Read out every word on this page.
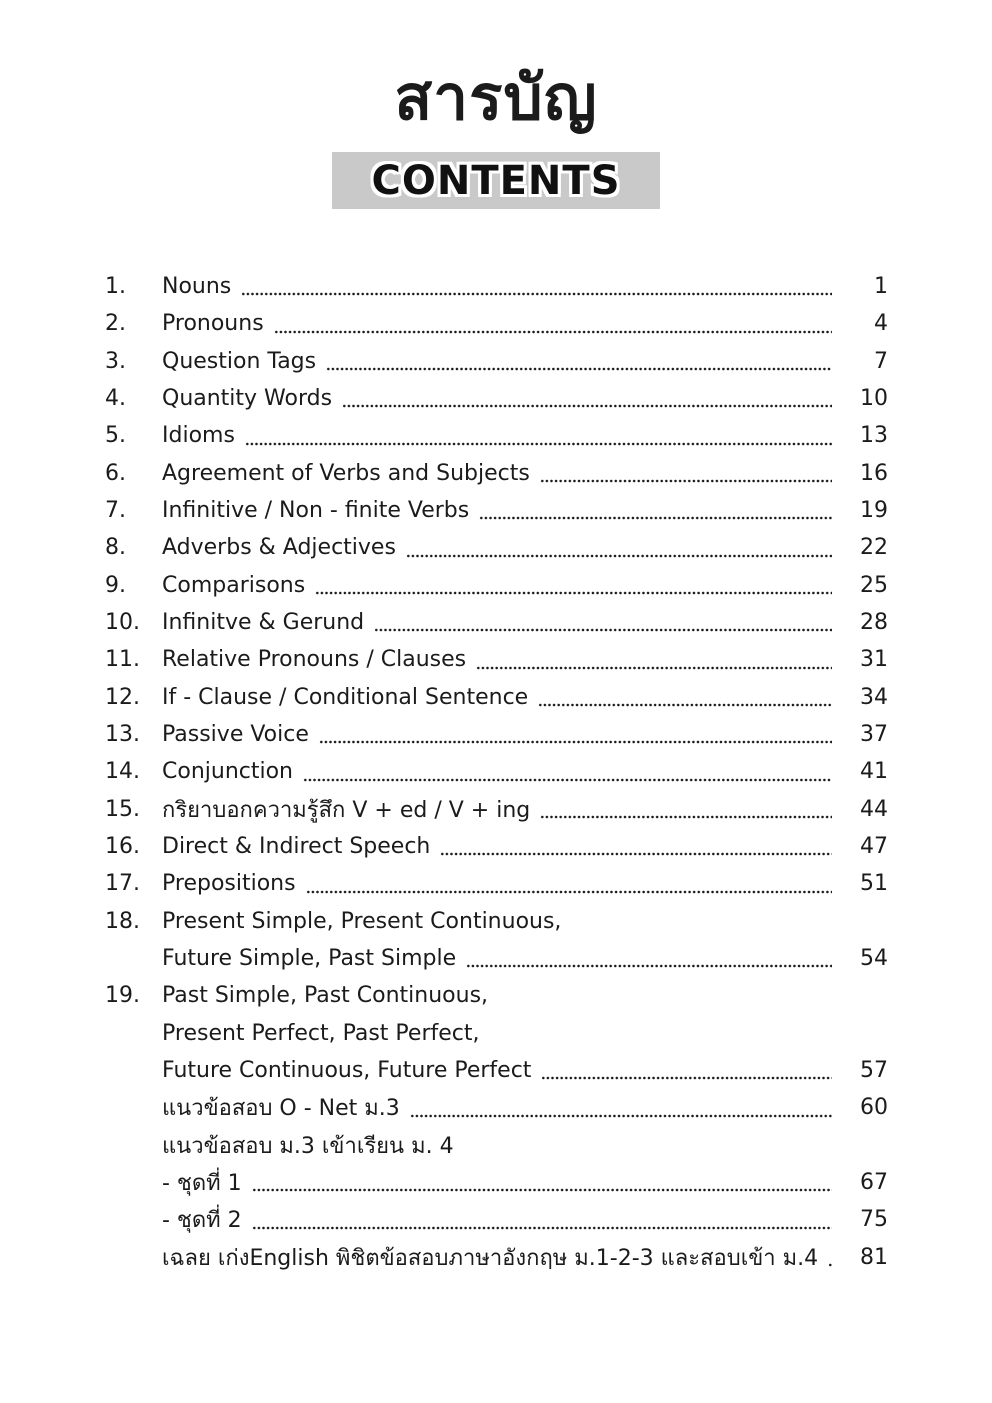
สารบัญ
CONTENTS
1.	Nouns	1
2.	Pronouns	4
3.	Question Tags	7
4.	Quantity Words	10
5.	Idioms	13
6.	Agreement of Verbs and Subjects	16
7.	Infinitive / Non - finite Verbs	19
8.	Adverbs & Adjectives	22
9.	Comparisons	25
10.	Infinitve & Gerund	28
11.	Relative Pronouns / Clauses	31
12.	If - Clause / Conditional Sentence	34
13.	Passive Voice	37
14.	Conjunction	41
15.	กริยาบอกความรู้สึก V + ed / V + ing	44
16.	Direct & Indirect Speech	47
17.	Prepositions	51
18.	Present Simple, Present Continuous,
Future Simple, Past Simple	54
19.	Past Simple, Past Continuous,
Present Perfect, Past Perfect,
Future Continuous, Future Perfect	57
แนวข้อสอบ O - Net ม.3	60
แนวข้อสอบ ม.3 เข้าเรียน ม. 4
- ชุดที่ 1	67
- ชุดที่ 2	75
เฉลย เก่งEnglish พิชิตข้อสอบภาษาอังกฤษ ม.1-2-3 และสอบเข้า ม.4	81
